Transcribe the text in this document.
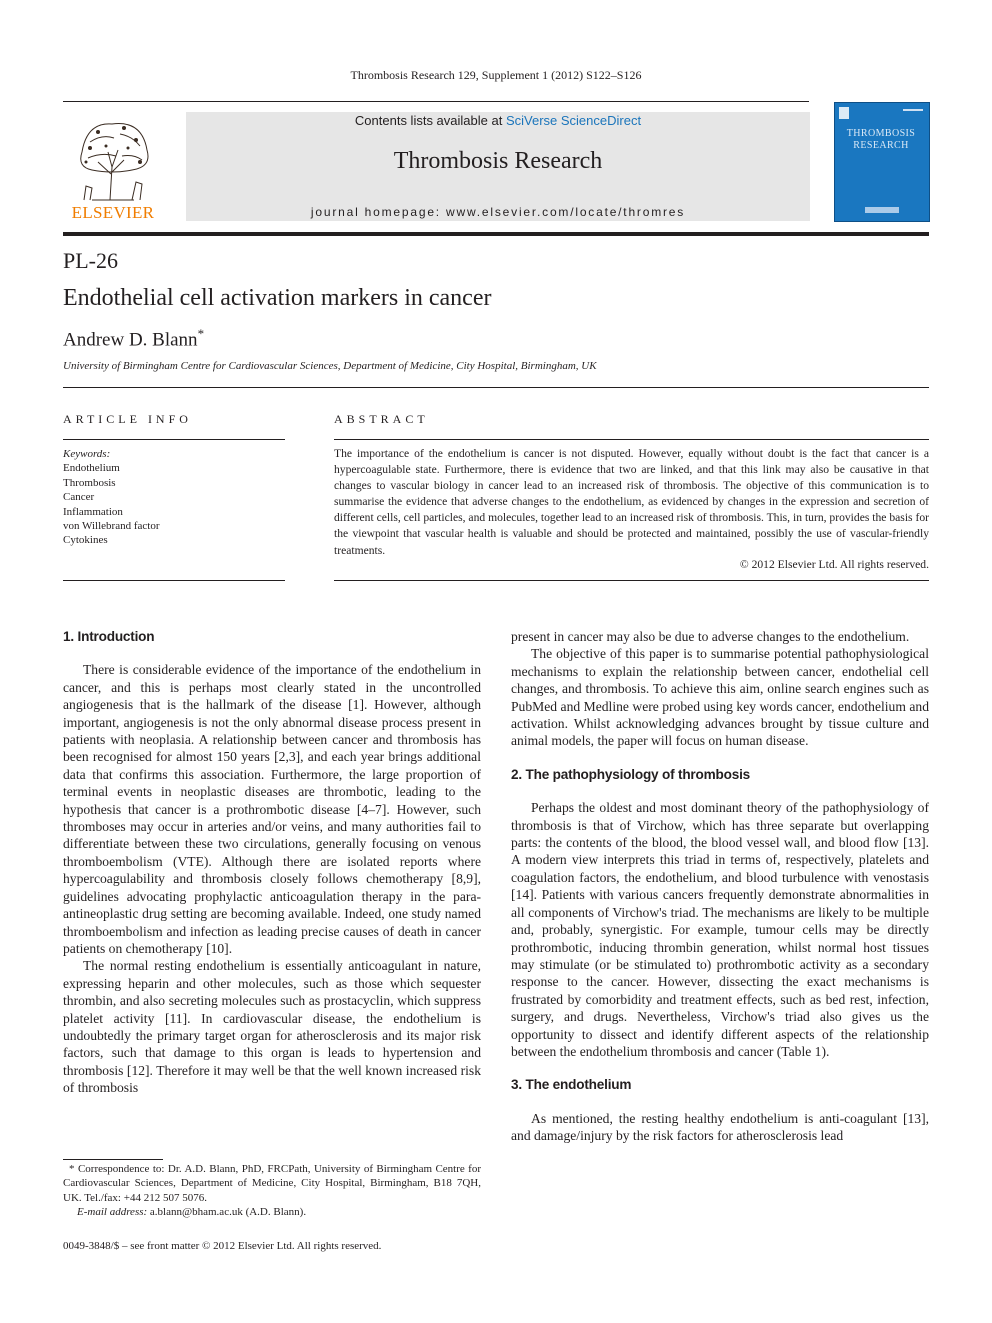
Thrombosis Research 129, Supplement 1 (2012) S122–S126
ELSEVIER
Contents lists available at SciVerse ScienceDirect
Thrombosis Research
journal homepage: www.elsevier.com/locate/thromres
THROMBOSIS
RESEARCH
PL-26
Endothelial cell activation markers in cancer
Andrew D. Blann*
University of Birmingham Centre for Cardiovascular Sciences, Department of Medicine, City Hospital, Birmingham, UK
ARTICLE INFO	ABSTRACT
Keywords:
Endothelium
Thrombosis
Cancer
Inflammation
von Willebrand factor
Cytokines
The importance of the endothelium is cancer is not disputed. However, equally without doubt is the fact that cancer is a hypercoagulable state. Furthermore, there is evidence that two are linked, and that this link may also be causative in that changes to vascular biology in cancer lead to an increased risk of thrombosis. The objective of this communication is to summarise the evidence that adverse changes to the endothelium, as evidenced by changes in the expression and secretion of different cells, cell particles, and molecules, together lead to an increased risk of thrombosis. This, in turn, provides the basis for the viewpoint that vascular health is valuable and should be protected and maintained, possibly the use of vascular-friendly treatments.
© 2012 Elsevier Ltd. All rights reserved.
1. Introduction

There is considerable evidence of the importance of the endothelium in cancer, and this is perhaps most clearly stated in the uncontrolled angiogenesis that is the hallmark of the disease [1]. However, although important, angiogenesis is not the only abnormal disease process present in patients with neoplasia. A relationship between cancer and thrombosis has been recognised for almost 150 years [2,3], and each year brings additional data that confirms this association. Furthermore, the large proportion of terminal events in neoplastic diseases are thrombotic, leading to the hypothesis that cancer is a prothrombotic disease [4–7]. However, such thromboses may occur in arteries and/or veins, and many authorities fail to differentiate between these two circulations, generally focusing on venous thromboembolism (VTE). Although there are isolated reports where hypercoagulability and thrombosis closely follows chemotherapy [8,9], guidelines advocating prophylactic anticoagulation therapy in the para-antineoplastic drug setting are becoming available. Indeed, one study named thromboembolism and infection as leading precise causes of death in cancer patients on chemotherapy [10].

The normal resting endothelium is essentially anticoagulant in nature, expressing heparin and other molecules, such as those which sequester thrombin, and also secreting molecules such as prostacyclin, which suppress platelet activity [11]. In cardiovascular disease, the endothelium is undoubtedly the primary target organ for atherosclerosis and its major risk factors, such that damage to this organ is leads to hypertension and thrombosis [12]. Therefore it may well be that the well known increased risk of thrombosis

present in cancer may also be due to adverse changes to the endothelium.

The objective of this paper is to summarise potential pathophysiological mechanisms to explain the relationship between cancer, endothelial cell changes, and thrombosis. To achieve this aim, online search engines such as PubMed and Medline were probed using key words cancer, endothelium and activation. Whilst acknowledging advances brought by tissue culture and animal models, the paper will focus on human disease.

2. The pathophysiology of thrombosis

Perhaps the oldest and most dominant theory of the pathophysiology of thrombosis is that of Virchow, which has three separate but overlapping parts: the contents of the blood, the blood vessel wall, and blood flow [13]. A modern view interprets this triad in terms of, respectively, platelets and coagulation factors, the endothelium, and blood turbulence with venostasis [14]. Patients with various cancers frequently demonstrate abnormalities in all components of Virchow's triad. The mechanisms are likely to be multiple and, probably, synergistic. For example, tumour cells may be directly prothrombotic, inducing thrombin generation, whilst normal host tissues may stimulate (or be stimulated to) prothrombotic activity as a secondary response to the cancer. However, dissecting the exact mechanisms is frustrated by comorbidity and treatment effects, such as bed rest, infection, surgery, and drugs. Nevertheless, Virchow's triad also gives us the opportunity to dissect and identify different aspects of the relationship between the endothelium thrombosis and cancer (Table 1).

3. The endothelium

As mentioned, the resting healthy endothelium is anti-coagulant [13], and damage/injury by the risk factors for atherosclerosis lead

* Correspondence to: Dr. A.D. Blann, PhD, FRCPath, University of Birmingham Centre for Cardiovascular Sciences, Department of Medicine, City Hospital, Birmingham, B18 7QH, UK. Tel./fax: +44 212 507 5076.
E-mail address: a.blann@bham.ac.uk (A.D. Blann).
0049-3848/$ – see front matter © 2012 Elsevier Ltd. All rights reserved.
